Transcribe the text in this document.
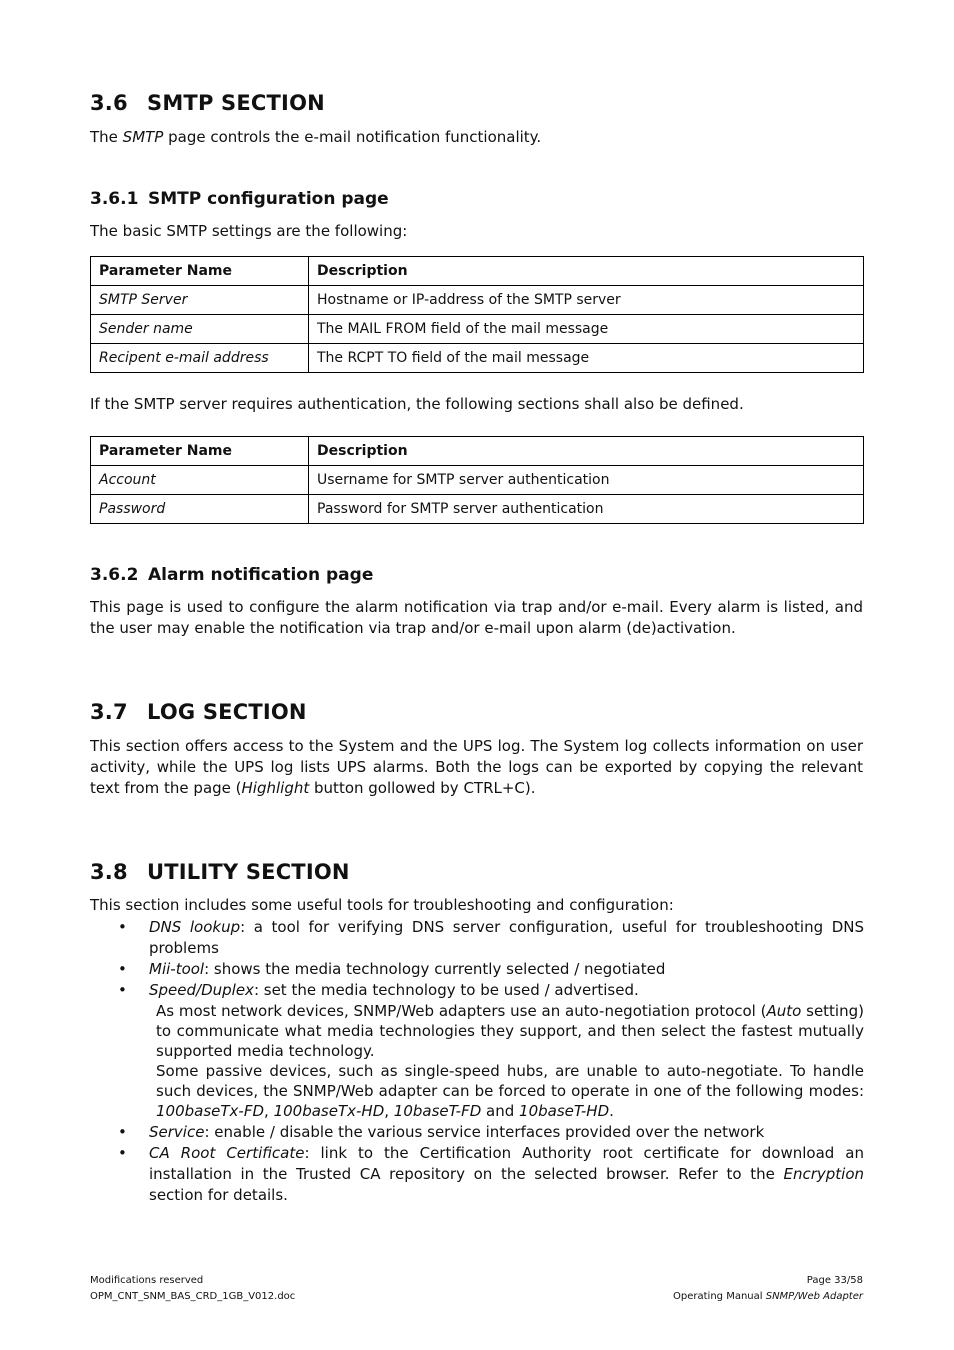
3.6 SMTP SECTION
The SMTP page controls the e-mail notification functionality.
3.6.1 SMTP configuration page
The basic SMTP settings are the following:
Parameter Name	Description
SMTP Server	Hostname or IP-address of the SMTP server
Sender name	The MAIL FROM field of the mail message
Recipent e-mail address	The RCPT TO field of the mail message
If the SMTP server requires authentication, the following sections shall also be defined.
Parameter Name	Description
Account	Username for SMTP server authentication
Password	Password for SMTP server authentication
3.6.2 Alarm notification page
This page is used to configure the alarm notification via trap and/or e-mail. Every alarm is listed, and the user may enable the notification via trap and/or e-mail upon alarm (de)activation.
3.7 LOG SECTION
This section offers access to the System and the UPS log. The System log collects information on user activity, while the UPS log lists UPS alarms. Both the logs can be exported by copying the relevant text from the page (Highlight button gollowed by CTRL+C).
3.8 UTILITY SECTION
This section includes some useful tools for troubleshooting and configuration:
• DNS lookup: a tool for verifying DNS server configuration, useful for troubleshooting DNS problems
• Mii-tool: shows the media technology currently selected / negotiated
• Speed/Duplex: set the media technology to be used / advertised.
As most network devices, SNMP/Web adapters use an auto-negotiation protocol (Auto setting) to communicate what media technologies they support, and then select the fastest mutually supported media technology.
Some passive devices, such as single-speed hubs, are unable to auto-negotiate. To handle such devices, the SNMP/Web adapter can be forced to operate in one of the following modes: 100baseTx-FD, 100baseTx-HD, 10baseT-FD and 10baseT-HD.
• Service: enable / disable the various service interfaces provided over the network
• CA Root Certificate: link to the Certification Authority root certificate for download an installation in the Trusted CA repository on the selected browser. Refer to the Encryption section for details.
Modifications reserved
OPM_CNT_SNM_BAS_CRD_1GB_V012.doc
Page 33/58
Operating Manual SNMP/Web Adapter
